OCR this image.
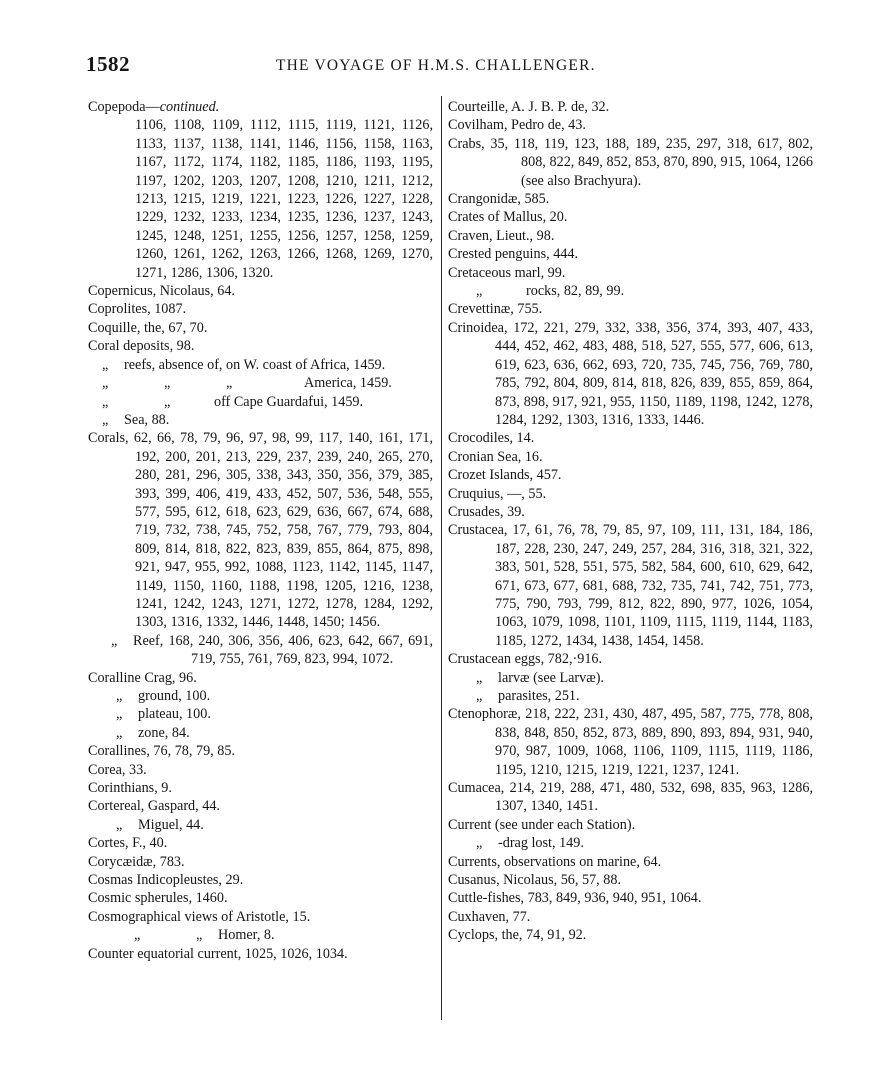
1582	THE VOYAGE OF H.M.S. CHALLENGER.

Copepoda—continued.

1106, 1108, 1109, 1112, 1115, 1119, 1121, 1126, 1133, 1137, 1138, 1141, 1146, 1156, 1158, 1163, 1167, 1172, 1174, 1182, 1185, 1186, 1193, 1195, 1197, 1202, 1203, 1207, 1208, 1210, 1211, 1212, 1213, 1215, 1219, 1221, 1223, 1226, 1227, 1228, 1229, 1232, 1233, 1234, 1235, 1236, 1237, 1243, 1245, 1248, 1251, 1255, 1256, 1257, 1258, 1259, 1260, 1261, 1262, 1263, 1266, 1268, 1269, 1270, 1271, 1286, 1306, 1320.

Copernicus, Nicolaus, 64.

Coprolites, 1087.

Coquille, the, 67, 70.

Coral deposits, 98.

„ reefs, absence of, on W. coast of Africa, 1459.

„	„	„	America, 1459.

„	„	off Cape Guardafui, 1459.

„ Sea, 88.

Corals, 62, 66, 78, 79, 96, 97, 98, 99, 117, 140, 161, 171, 192, 200, 201, 213, 229, 237, 239, 240, 265, 270, 280, 281, 296, 305, 338, 343, 350, 356, 379, 385, 393, 399, 406, 419, 433, 452, 507, 536, 548, 555, 577, 595, 612, 618, 623, 629, 636, 667, 674, 688, 719, 732, 738, 745, 752, 758, 767, 779, 793, 804, 809, 814, 818, 822, 823, 839, 855, 864, 875, 898, 921, 947, 955, 992, 1088, 1123, 1142, 1145, 1147, 1149, 1150, 1160, 1188, 1198, 1205, 1216, 1238, 1241, 1242, 1243, 1271, 1272, 1278, 1284, 1292, 1303, 1316, 1332, 1446, 1448, 1450; 1456.

„ Reef, 168, 240, 306, 356, 406, 623, 642, 667, 691, 719, 755, 761, 769, 823, 994, 1072.

Coralline Crag, 96.

„ ground, 100.

„ plateau, 100.

„ zone, 84.

Corallines, 76, 78, 79, 85.

Corea, 33.

Corinthians, 9.

Cortereal, Gaspard, 44.

„ Miguel, 44.

Cortes, F., 40.

Corycæidæ, 783.

Cosmas Indicopleustes, 29.

Cosmic spherules, 1460.

Cosmographical views of Aristotle, 15.

„	„ Homer, 8.

Counter equatorial current, 1025, 1026, 1034.

Courteille, A. J. B. P. de, 32.

Covilham, Pedro de, 43.

Crabs, 35, 118, 119, 123, 188, 189, 235, 297, 318, 617, 802, 808, 822, 849, 852, 853, 870, 890, 915, 1064, 1266 (see also Brachyura).

Crangonidæ, 585.

Crates of Mallus, 20.

Craven, Lieut., 98.

Crested penguins, 444.

Cretaceous marl, 99.

„	rocks, 82, 89, 99.

Crevettinæ, 755.

Crinoidea, 172, 221, 279, 332, 338, 356, 374, 393, 407, 433, 444, 452, 462, 483, 488, 518, 527, 555, 577, 606, 613, 619, 623, 636, 662, 693, 720, 735, 745, 756, 769, 780, 785, 792, 804, 809, 814, 818, 826, 839, 855, 859, 864, 873, 898, 917, 921, 955, 1150, 1189, 1198, 1242, 1278, 1284, 1292, 1303, 1316, 1333, 1446.

Crocodiles, 14.

Cronian Sea, 16.

Crozet Islands, 457.

Cruquius, —, 55.

Crusades, 39.

Crustacea, 17, 61, 76, 78, 79, 85, 97, 109, 111, 131, 184, 186, 187, 228, 230, 247, 249, 257, 284, 316, 318, 321, 322, 383, 501, 528, 551, 575, 582, 584, 600, 610, 629, 642, 671, 673, 677, 681, 688, 732, 735, 741, 742, 751, 773, 775, 790, 793, 799, 812, 822, 890, 977, 1026, 1054, 1063, 1079, 1098, 1101, 1109, 1115, 1119, 1144, 1183, 1185, 1272, 1434, 1438, 1454, 1458.

Crustacean eggs, 782,·916.

„ larvæ (see Larvæ).

„ parasites, 251.

Ctenophoræ, 218, 222, 231, 430, 487, 495, 587, 775, 778, 808, 838, 848, 850, 852, 873, 889, 890, 893, 894, 931, 940, 970, 987, 1009, 1068, 1106, 1109, 1115, 1119, 1186, 1195, 1210, 1215, 1219, 1221, 1237, 1241.

Cumacea, 214, 219, 288, 471, 480, 532, 698, 835, 963, 1286, 1307, 1340, 1451.

Current (see under each Station).

„ -drag lost, 149.

Currents, observations on marine, 64.

Cusanus, Nicolaus, 56, 57, 88.

Cuttle-fishes, 783, 849, 936, 940, 951, 1064.

Cuxhaven, 77.

Cyclops, the, 74, 91, 92.
